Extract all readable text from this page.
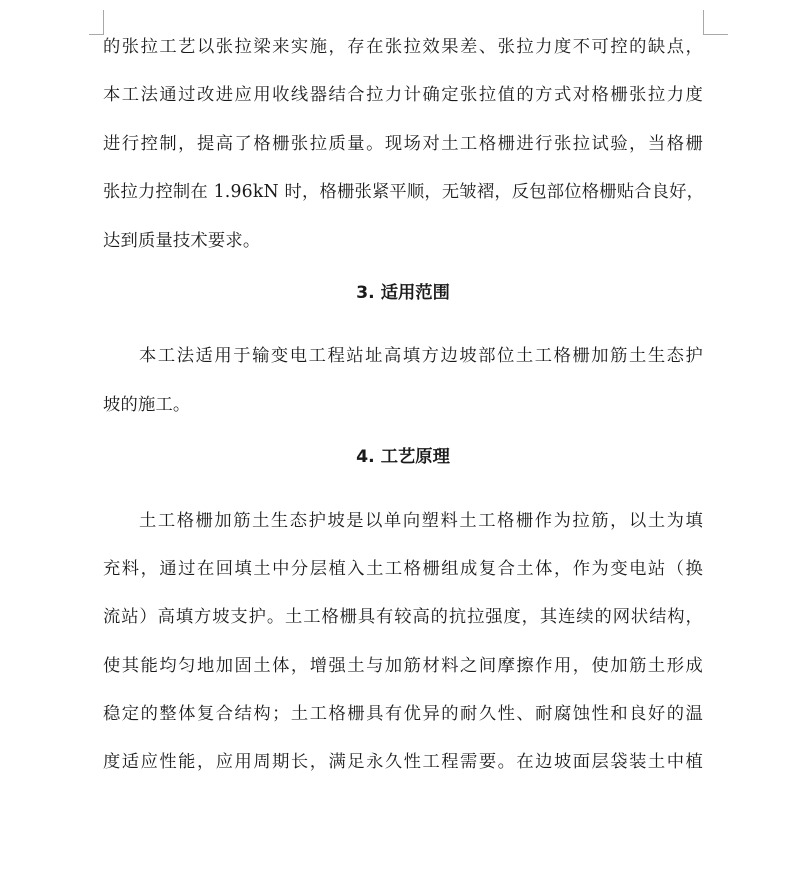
的张拉工艺以张拉梁来实施，存在张拉效果差、张拉力度不可控的缺点，
本工法通过改进应用收线器结合拉力计确定张拉值的方式对格栅张拉力度
进行控制，提高了格栅张拉质量。现场对土工格栅进行张拉试验，当格栅
张拉力控制在 1.96kN 时，格栅张紧平顺，无皱褶，反包部位格栅贴合良好，
达到质量技术要求。
3. 适用范围
本工法适用于输变电工程站址高填方边坡部位土工格栅加筋土生态护
坡的施工。
4. 工艺原理
土工格栅加筋土生态护坡是以单向塑料土工格栅作为拉筋，以土为填
充料，通过在回填土中分层植入土工格栅组成复合土体，作为变电站（换
流站）高填方坡支护。土工格栅具有较高的抗拉强度，其连续的网状结构，
使其能均匀地加固土体，增强土与加筋材料之间摩擦作用，使加筋土形成
稳定的整体复合结构；土工格栅具有优异的耐久性、耐腐蚀性和良好的温
度适应性能，应用周期长，满足永久性工程需要。在边坡面层袋装土中植
